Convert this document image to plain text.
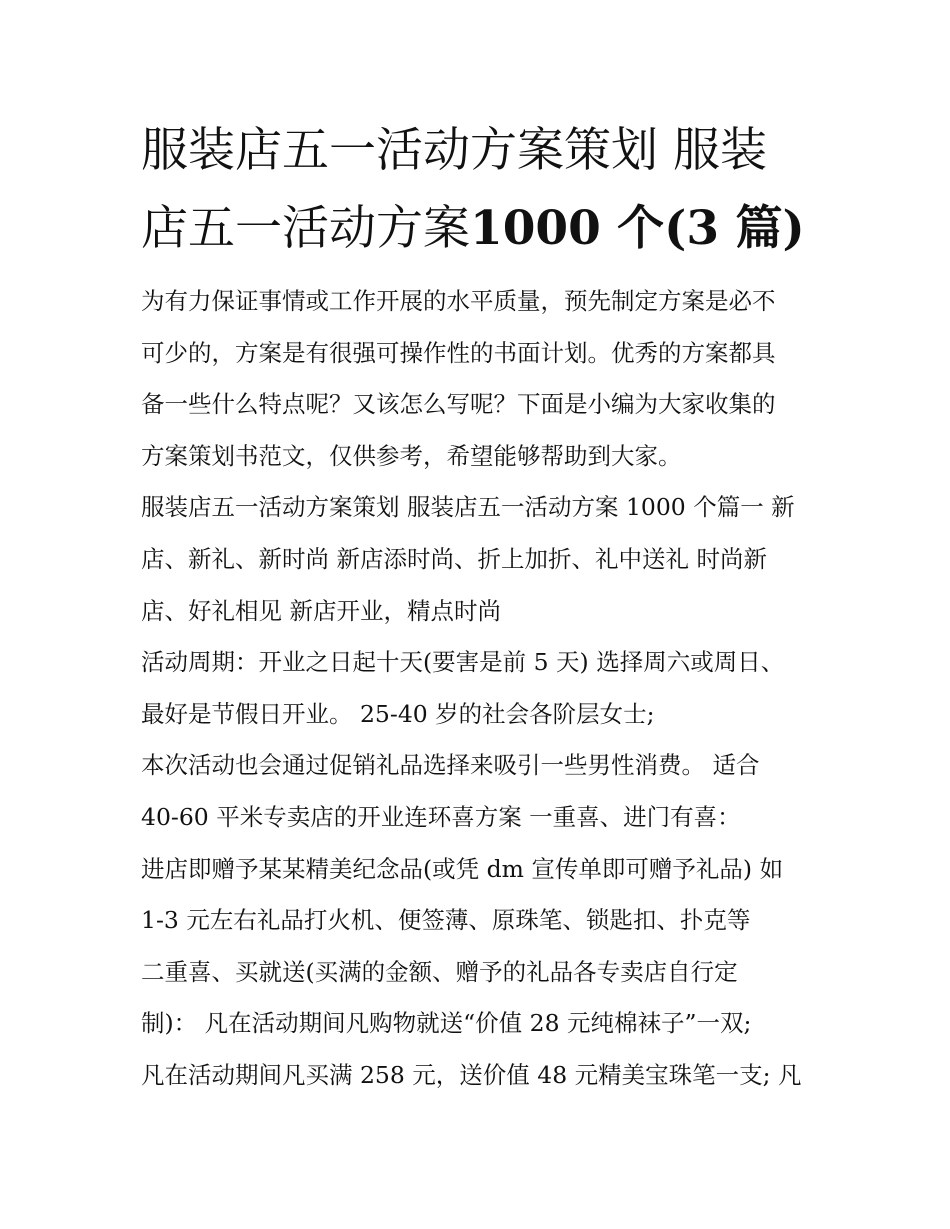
服装店五一活动方案策划 服装
店五一活动方案1000 个(3 篇)
为有力保证事情或工作开展的水平质量，预先制定方案是必不
可少的，方案是有很强可操作性的书面计划。优秀的方案都具
备一些什么特点呢？又该怎么写呢？下面是小编为大家收集的
方案策划书范文，仅供参考，希望能够帮助到大家。
服装店五一活动方案策划 服装店五一活动方案 1000 个篇一 新
店、新礼、新时尚 新店添时尚、折上加折、礼中送礼 时尚新
店、好礼相见 新店开业，精点时尚
活动周期：开业之日起十天(要害是前 5 天) 选择周六或周日、
最好是节假日开业。 25-40 岁的社会各阶层女士;
本次活动也会通过促销礼品选择来吸引一些男性消费。 适合
40-60 平米专卖店的开业连环喜方案 一重喜、进门有喜：
进店即赠予某某精美纪念品(或凭 dm 宣传单即可赠予礼品) 如
1-3 元左右礼品打火机、便签薄、原珠笔、锁匙扣、扑克等
二重喜、买就送(买满的金额、赠予的礼品各专卖店自行定
制)： 凡在活动期间凡购物就送“价值 28 元纯棉袜子”一双;
凡在活动期间凡买满 258 元，送价值 48 元精美宝珠笔一支; 凡
